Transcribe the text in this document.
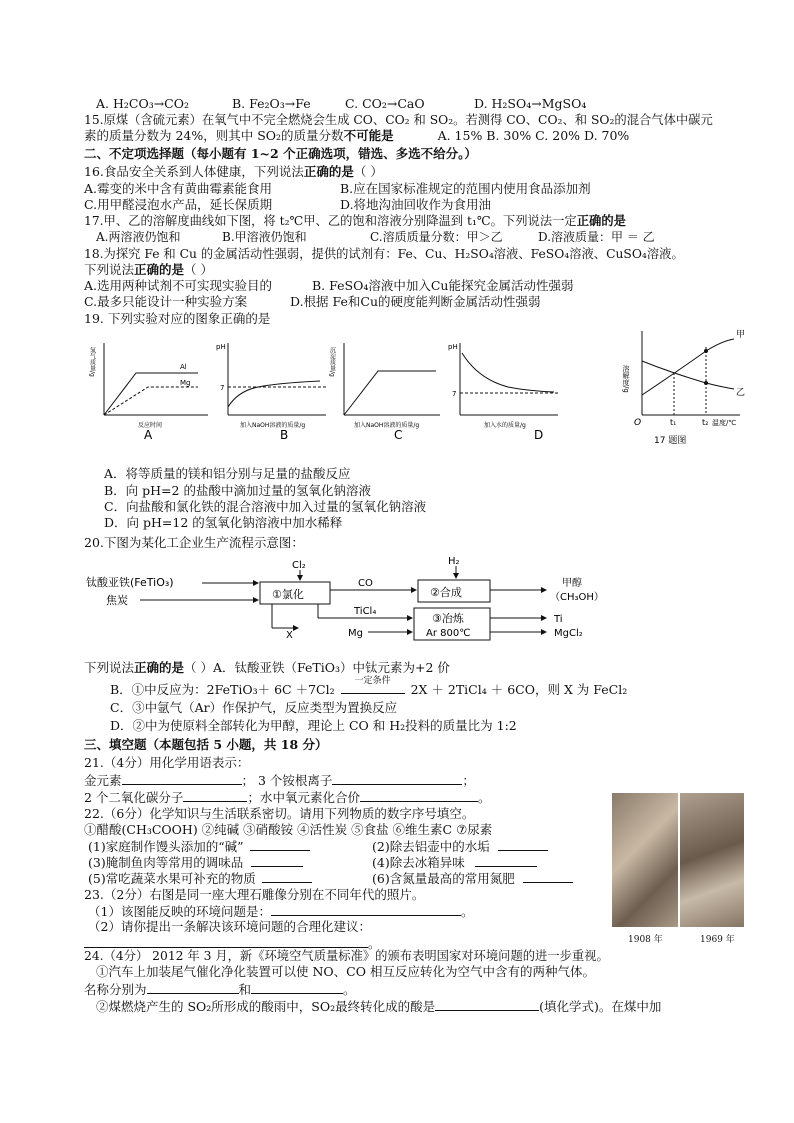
A. H₂CO₃→CO₂	B. Fe₂O₃→Fe	C. CO₂→CaO	D. H₂SO₄→MgSO₄
15.原煤（含硫元素）在氧气中不完全燃烧会生成 CO、CO₂ 和 SO₂。若测得 CO、CO₂、和 SO₂的混合气体中碳元
素的质量分数为 24%，则其中 SO₂的质量分数不可能是	A. 15% B. 30% C. 20% D. 70%
二、不定项选择题（每小题有 1~2 个正确选项，错选、多选不给分。）
16.食品安全关系到人体健康，下列说法正确的是（ ）
A.霉变的米中含有黄曲霉素能食用	B.应在国家标准规定的范围内使用食品添加剂
C.用甲醛浸泡水产品，延长保质期	D.将地沟油回收作为食用油
17.甲、乙的溶解度曲线如下图，将 t₂℃甲、乙的饱和溶液分别降温到 t₁℃。下列说法一定正确的是
A.两溶液仍饱和	B.甲溶液仍饱和	C.溶质质量分数：甲＞乙	D.溶液质量：甲 ＝ 乙
18.为探究 Fe 和 Cu 的金属活动性强弱，提供的试剂有：Fe、Cu、H₂SO₄溶液、FeSO₄溶液、CuSO₄溶液。
下列说法正确的是（ ）
A.选用两种试剂不可实现实验目的	B. FeSO₄溶液中加入Cu能探究金属活动性强弱
C.最多只能设计一种实验方案	D.根据 Fe和Cu的硬度能判断金属活动性强弱
19. 下列实验对应的图象正确的是
Al
Mg
氢气质量/g
反应时间
pH
7
加入NaOH溶液的质量/g
沉淀质量/g
加入NaOH溶液的质量/g
pH
7
加入水的质量/g
A	B	C	D
溶解度/g
温度/℃
O	t₁	t₂
甲
乙
17 题图
A．将等质量的镁和铝分别与足量的盐酸反应
B．向 pH=2 的盐酸中滴加过量的氢氧化钠溶液
C．向盐酸和氯化铁的混合溶液中加入过量的氢氧化钠溶液
D．向 pH=12 的氢氧化钠溶液中加水稀释
20.下图为某化工企业生产流程示意图：
钛酸亚铁(FeTiO₃)
焦炭
Cl₂
①氯化
CO
H₂
②合成
甲醇
（CH₃OH）
TiCl₄
X	Mg
③冶炼
Ar 800℃
Ti
MgCl₂
下列说法正确的是（ ）A．钛酸亚铁（FeTiO₃）中钛元素为+2 价
B．①中反应为：2FeTiO₃＋ 6C ＋7Cl₂
一定条件
2X ＋ 2TiCl₄ ＋ 6CO，则 X 为 FeCl₂
C．③中氩气（Ar）作保护气，反应类型为置换反应
D．②中为使原料全部转化为甲醇，理论上 CO 和 H₂投料的质量比为 1:2
三、填空题（本题包括 5 小题，共 18 分）
21.（4分）用化学用语表示：
金元素	； 3 个铵根离子	；
2 个二氧化碳分子	；水中氧元素化合价	。
22.（6分）化学知识与生活联系密切。请用下列物质的数字序号填空。
①醋酸(CH₃COOH) ②纯碱 ③硝酸铵 ④活性炭 ⑤食盐 ⑥维生素C ⑦尿素
(1)家庭制作馒头添加的“碱”	(2)除去铝壶中的水垢
(3)腌制鱼肉等常用的调味品	(4)除去冰箱异味
(5)常吃蔬菜水果可补充的物质	(6)含氮量最高的常用氮肥
23.（2分）右图是同一座大理石雕像分别在不同年代的照片。
（1）该图能反映的环境问题是：	。
（2）请你提出一条解决该环境问题的合理化建议：
。	1908 年	1969 年
24.（4分） 2012 年 3 月，新《环境空气质量标准》的颁布表明国家对环境问题的进一步重视。
①汽车上加装尾气催化净化装置可以使 NO、CO 相互反应转化为空气中含有的两种气体。
名称分别为	和	。
②煤燃烧产生的 SO₂所形成的酸雨中，SO₂最终转化成的酸是	(填化学式)。在煤中加
